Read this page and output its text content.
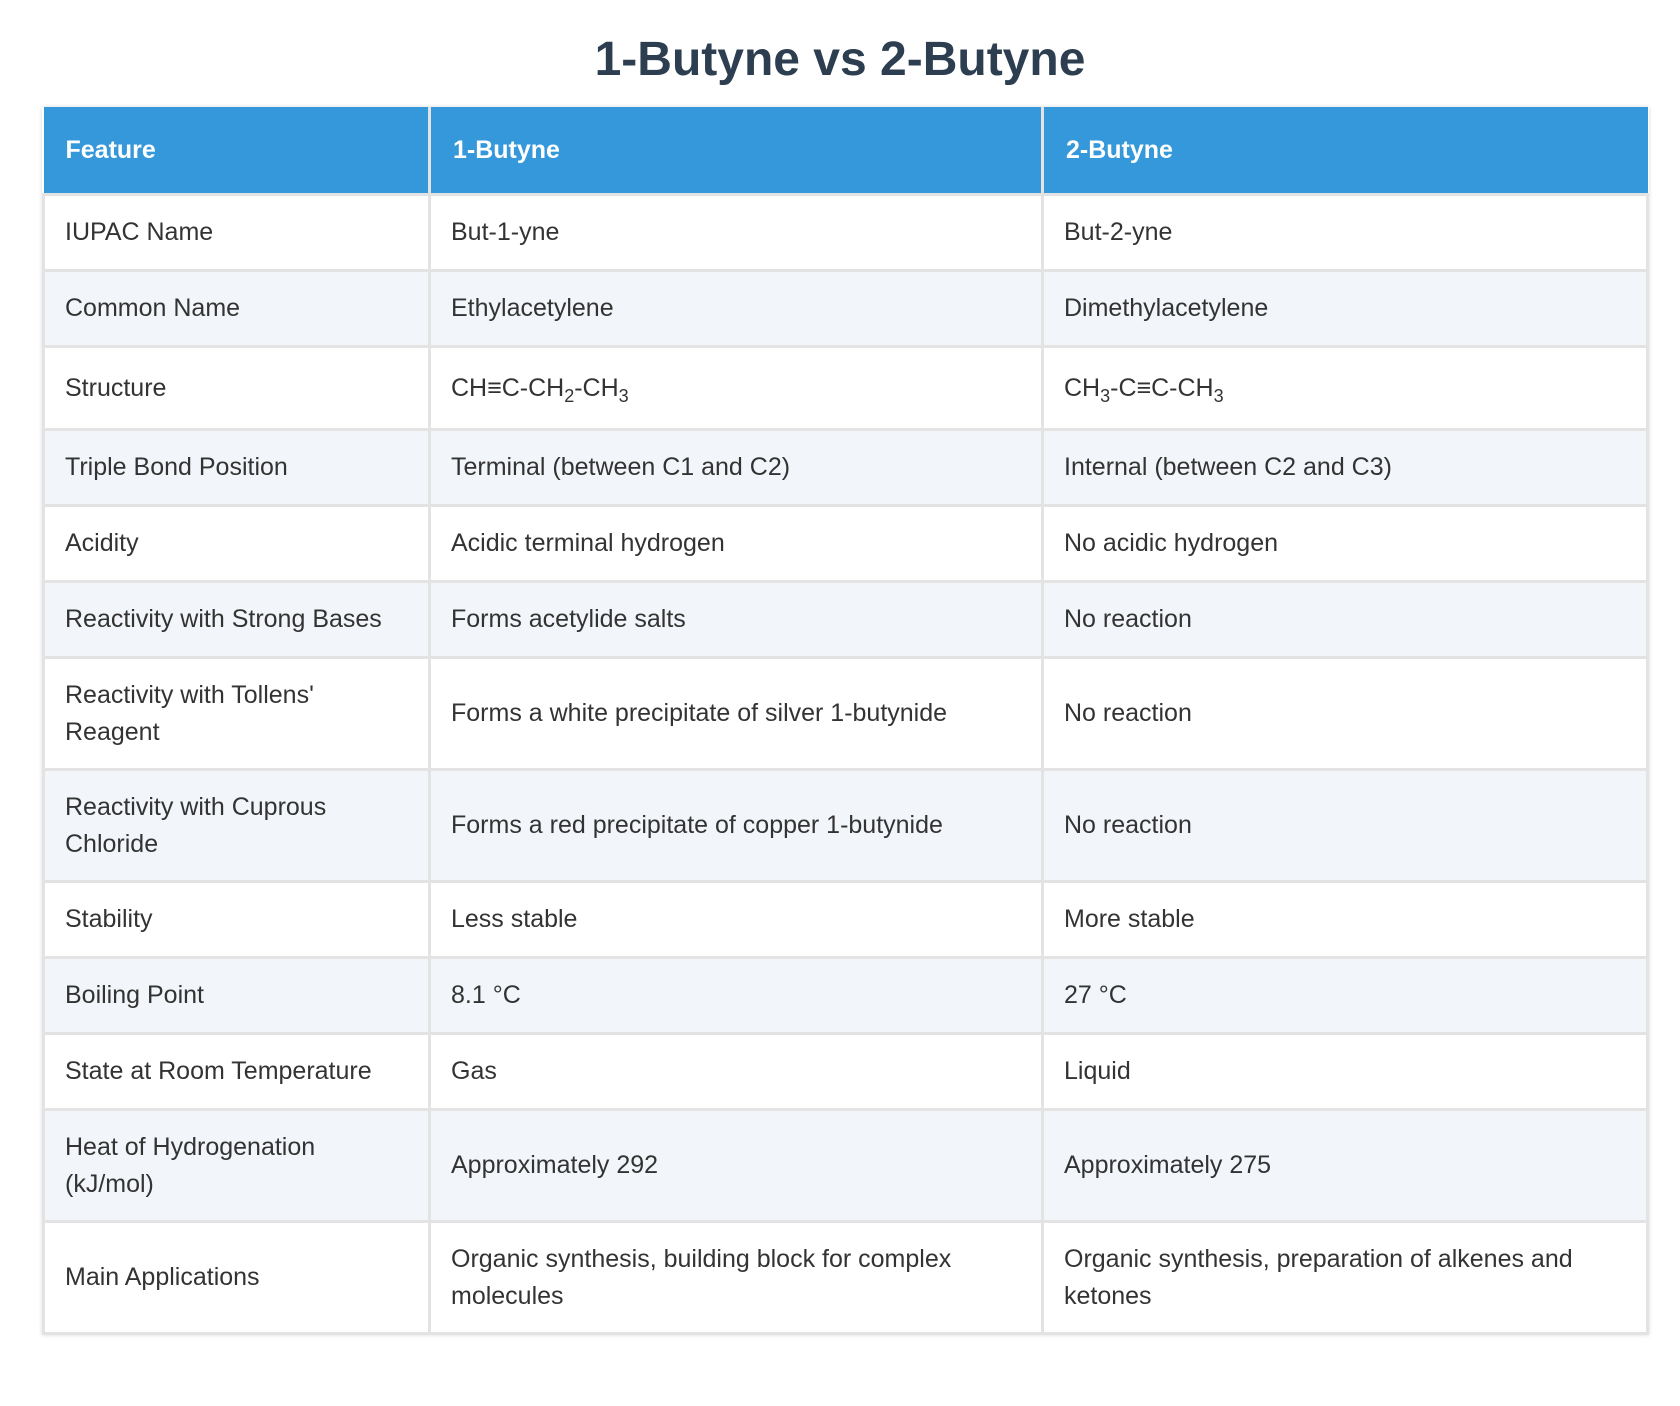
1-Butyne vs 2-Butyne
Feature	1-Butyne	2-Butyne
IUPAC Name	But-1-yne	But-2-yne
Common Name	Ethylacetylene	Dimethylacetylene
Structure	$CH\equiv C-CH_2-CH_3$	$CH_3-C\equiv C-CH_3$
Triple Bond Position	Terminal (between C1 and C2)	Internal (between C2 and C3)
Acidity	Acidic terminal hydrogen	No acidic hydrogen
Reactivity with Strong Bases	Forms acetylide salts	No reaction
Reactivity with Tollens' Reagent	Forms a white precipitate of silver 1-butynide	No reaction
Reactivity with Cuprous Chloride	Forms a red precipitate of copper 1-butynide	No reaction
Stability	Less stable	More stable
Boiling Point	8.1 °C	27 °C
State at Room Temperature	Gas	Liquid
Heat of Hydrogenation (kJ/mol)	Approximately 292	Approximately 275
Main Applications	Organic synthesis, building block for complex molecules	Organic synthesis, preparation of alkenes and ketones
